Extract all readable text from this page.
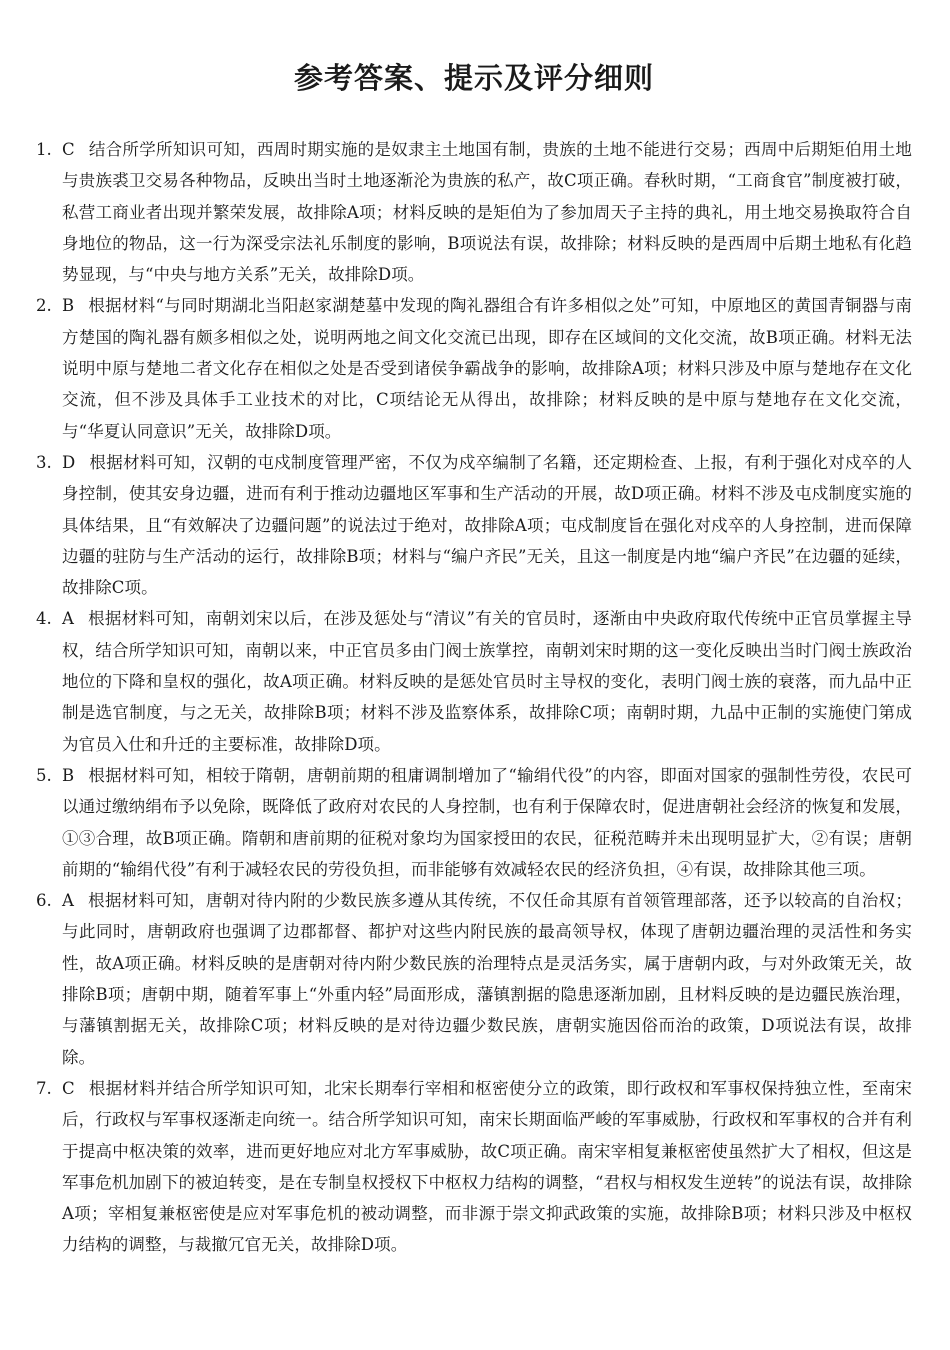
参考答案、提示及评分细则
1. C 结合所学所知识可知，西周时期实施的是奴隶主土地国有制，贵族的土地不能进行交易；西周中后期矩伯用土地与贵族裘卫交易各种物品，反映出当时土地逐渐沦为贵族的私产，故C项正确。春秋时期，“工商食官”制度被打破，私营工商业者出现并繁荣发展，故排除A项；材料反映的是矩伯为了参加周天子主持的典礼，用土地交易换取符合自身地位的物品，这一行为深受宗法礼乐制度的影响，B项说法有误，故排除；材料反映的是西周中后期土地私有化趋势显现，与“中央与地方关系”无关，故排除D项。
2. B 根据材料“与同时期湖北当阳赵家湖楚墓中发现的陶礼器组合有许多相似之处”可知，中原地区的黄国青铜器与南方楚国的陶礼器有颇多相似之处，说明两地之间文化交流已出现，即存在区域间的文化交流，故B项正确。材料无法说明中原与楚地二者文化存在相似之处是否受到诸侯争霸战争的影响，故排除A项；材料只涉及中原与楚地存在文化交流，但不涉及具体手工业技术的对比，C项结论无从得出，故排除；材料反映的是中原与楚地存在文化交流，与“华夏认同意识”无关，故排除D项。
3. D 根据材料可知，汉朝的屯戍制度管理严密，不仅为戍卒编制了名籍，还定期检查、上报，有利于强化对戍卒的人身控制，使其安身边疆，进而有利于推动边疆地区军事和生产活动的开展，故D项正确。材料不涉及屯戍制度实施的具体结果，且“有效解决了边疆问题”的说法过于绝对，故排除A项；屯戍制度旨在强化对戍卒的人身控制，进而保障边疆的驻防与生产活动的运行，故排除B项；材料与“编户齐民”无关，且这一制度是内地“编户齐民”在边疆的延续，故排除C项。
4. A 根据材料可知，南朝刘宋以后，在涉及惩处与“清议”有关的官员时，逐渐由中央政府取代传统中正官员掌握主导权，结合所学知识可知，南朝以来，中正官员多由门阀士族掌控，南朝刘宋时期的这一变化反映出当时门阀士族政治地位的下降和皇权的强化，故A项正确。材料反映的是惩处官员时主导权的变化，表明门阀士族的衰落，而九品中正制是选官制度，与之无关，故排除B项；材料不涉及监察体系，故排除C项；南朝时期，九品中正制的实施使门第成为官员入仕和升迁的主要标准，故排除D项。
5. B 根据材料可知，相较于隋朝，唐朝前期的租庸调制增加了“输绢代役”的内容，即面对国家的强制性劳役，农民可以通过缴纳绢布予以免除，既降低了政府对农民的人身控制，也有利于保障农时，促进唐朝社会经济的恢复和发展，①③合理，故B项正确。隋朝和唐前期的征税对象均为国家授田的农民，征税范畴并未出现明显扩大，②有误；唐朝前期的“输绢代役”有利于减轻农民的劳役负担，而非能够有效减轻农民的经济负担，④有误，故排除其他三项。
6. A 根据材料可知，唐朝对待内附的少数民族多遵从其传统，不仅任命其原有首领管理部落，还予以较高的自治权；与此同时，唐朝政府也强调了边郡都督、都护对这些内附民族的最高领导权，体现了唐朝边疆治理的灵活性和务实性，故A项正确。材料反映的是唐朝对待内附少数民族的治理特点是灵活务实，属于唐朝内政，与对外政策无关，故排除B项；唐朝中期，随着军事上“外重内轻”局面形成，藩镇割据的隐患逐渐加剧，且材料反映的是边疆民族治理，与藩镇割据无关，故排除C项；材料反映的是对待边疆少数民族，唐朝实施因俗而治的政策，D项说法有误，故排除。
7. C 根据材料并结合所学知识可知，北宋长期奉行宰相和枢密使分立的政策，即行政权和军事权保持独立性，至南宋后，行政权与军事权逐渐走向统一。结合所学知识可知，南宋长期面临严峻的军事威胁，行政权和军事权的合并有利于提高中枢决策的效率，进而更好地应对北方军事威胁，故C项正确。南宋宰相复兼枢密使虽然扩大了相权，但这是军事危机加剧下的被迫转变，是在专制皇权授权下中枢权力结构的调整，“君权与相权发生逆转”的说法有误，故排除A项；宰相复兼枢密使是应对军事危机的被动调整，而非源于崇文抑武政策的实施，故排除B项；材料只涉及中枢权力结构的调整，与裁撤冗官无关，故排除D项。
